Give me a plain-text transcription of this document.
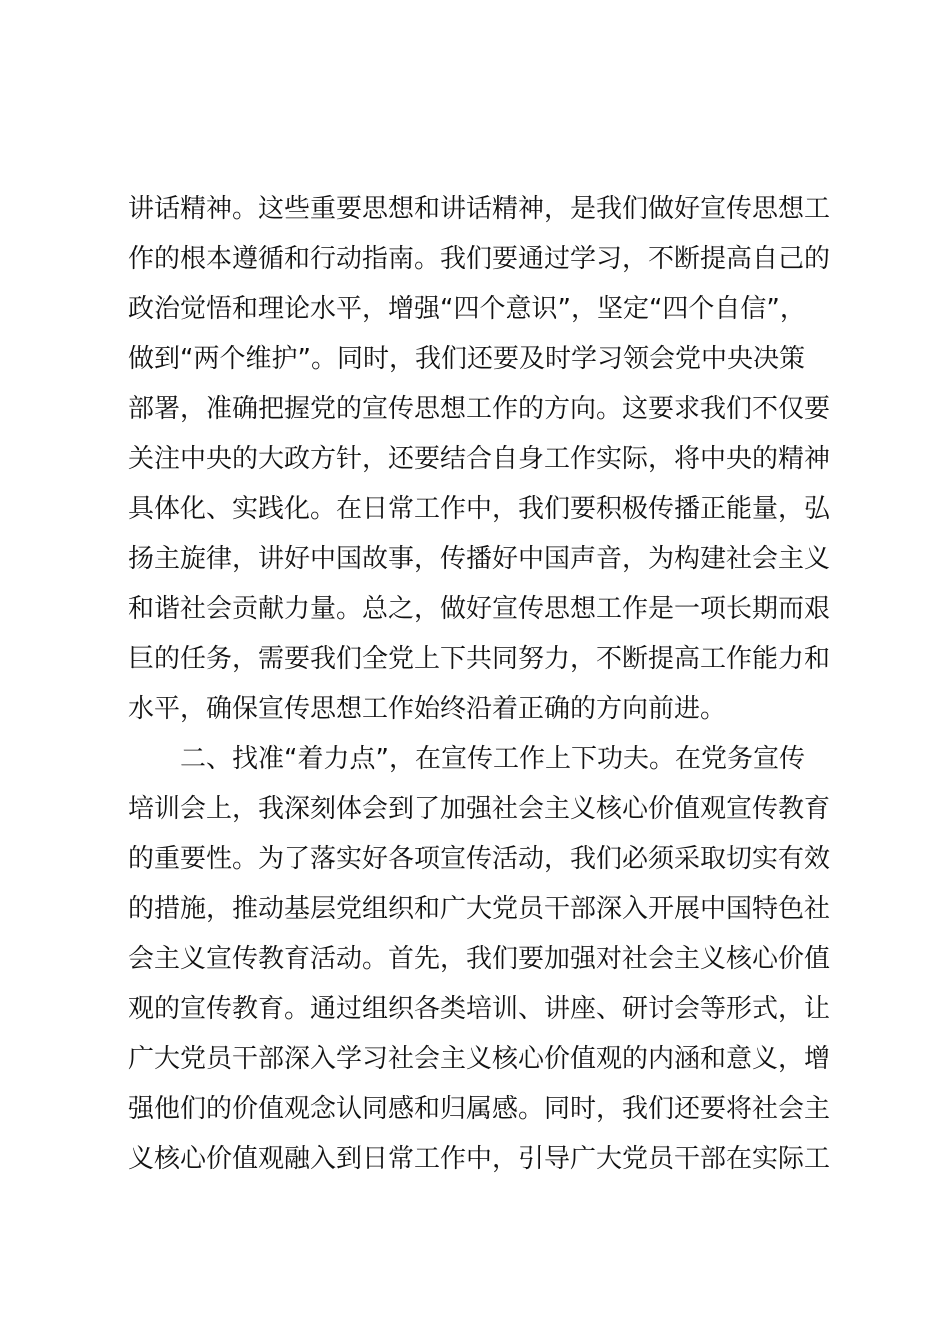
讲话精神。这些重要思想和讲话精神，是我们做好宣传思想工
作的根本遵循和行动指南。我们要通过学习，不断提高自己的
政治觉悟和理论水平，增强“四个意识”，坚定“四个自信”，
做到“两个维护”。同时，我们还要及时学习领会党中央决策
部署，准确把握党的宣传思想工作的方向。这要求我们不仅要
关注中央的大政方针，还要结合自身工作实际，将中央的精神
具体化、实践化。在日常工作中，我们要积极传播正能量，弘
扬主旋律，讲好中国故事，传播好中国声音，为构建社会主义
和谐社会贡献力量。总之，做好宣传思想工作是一项长期而艰
巨的任务，需要我们全党上下共同努力，不断提高工作能力和
水平，确保宣传思想工作始终沿着正确的方向前进。
二、找准“着力点”，在宣传工作上下功夫。在党务宣传
培训会上，我深刻体会到了加强社会主义核心价值观宣传教育
的重要性。为了落实好各项宣传活动，我们必须采取切实有效
的措施，推动基层党组织和广大党员干部深入开展中国特色社
会主义宣传教育活动。首先，我们要加强对社会主义核心价值
观的宣传教育。通过组织各类培训、讲座、研讨会等形式，让
广大党员干部深入学习社会主义核心价值观的内涵和意义，增
强他们的价值观念认同感和归属感。同时，我们还要将社会主
义核心价值观融入到日常工作中，引导广大党员干部在实际工
